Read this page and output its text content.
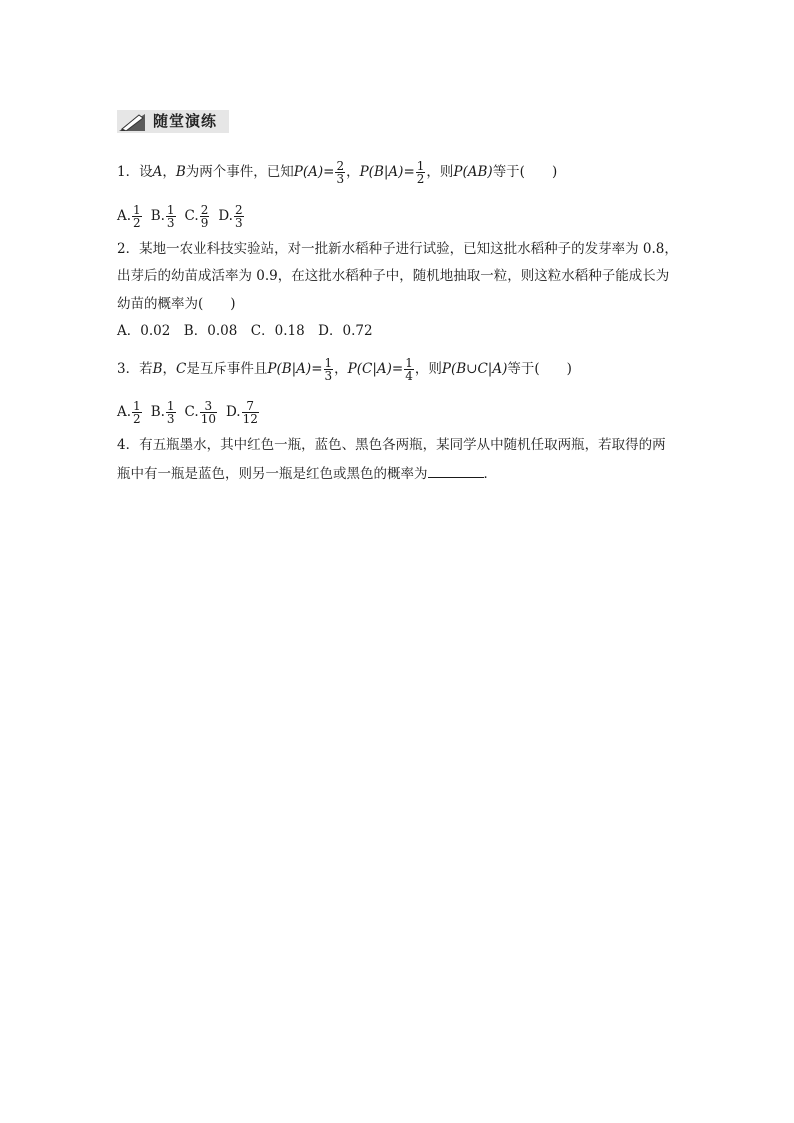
随堂演练
1．设A，B为两个事件，已知$P(A)= \frac{2}{3}$ ，$P(B|A)= \frac{1}{2}$ ，则P(AB)等于(　　)
A. $\frac{1}{2} B$. $\frac{1}{3} C$. $\frac{2}{9} D$. $\frac{2}{3}$
2．某地一农业科技实验站，对一批新水稻种子进行试验，已知这批水稻种子的发芽率为 0.8，
出芽后的幼苗成活率为 0.9，在这批水稻种子中，随机地抽取一粒，则这粒水稻种子能成长为
幼苗的概率为(　　)
A．0.02　B．0.08　C．0.18　D．0.72
3．若B，C是互斥事件且$P(B|A)= \frac{1}{3}$ ，$P(C|A)= \frac{1}{4}$ ，则P(B∪C|A)等于(　　)
A. $\frac{1}{2} B$. $\frac{1}{3} C$. $\frac{3}{10} D$. $\frac{7}{12}$
4．有五瓶墨水，其中红色一瓶，蓝色、黑色各两瓶，某同学从中随机任取两瓶，若取得的两
瓶中有一瓶是蓝色，则另一瓶是红色或黑色的概率为	．
